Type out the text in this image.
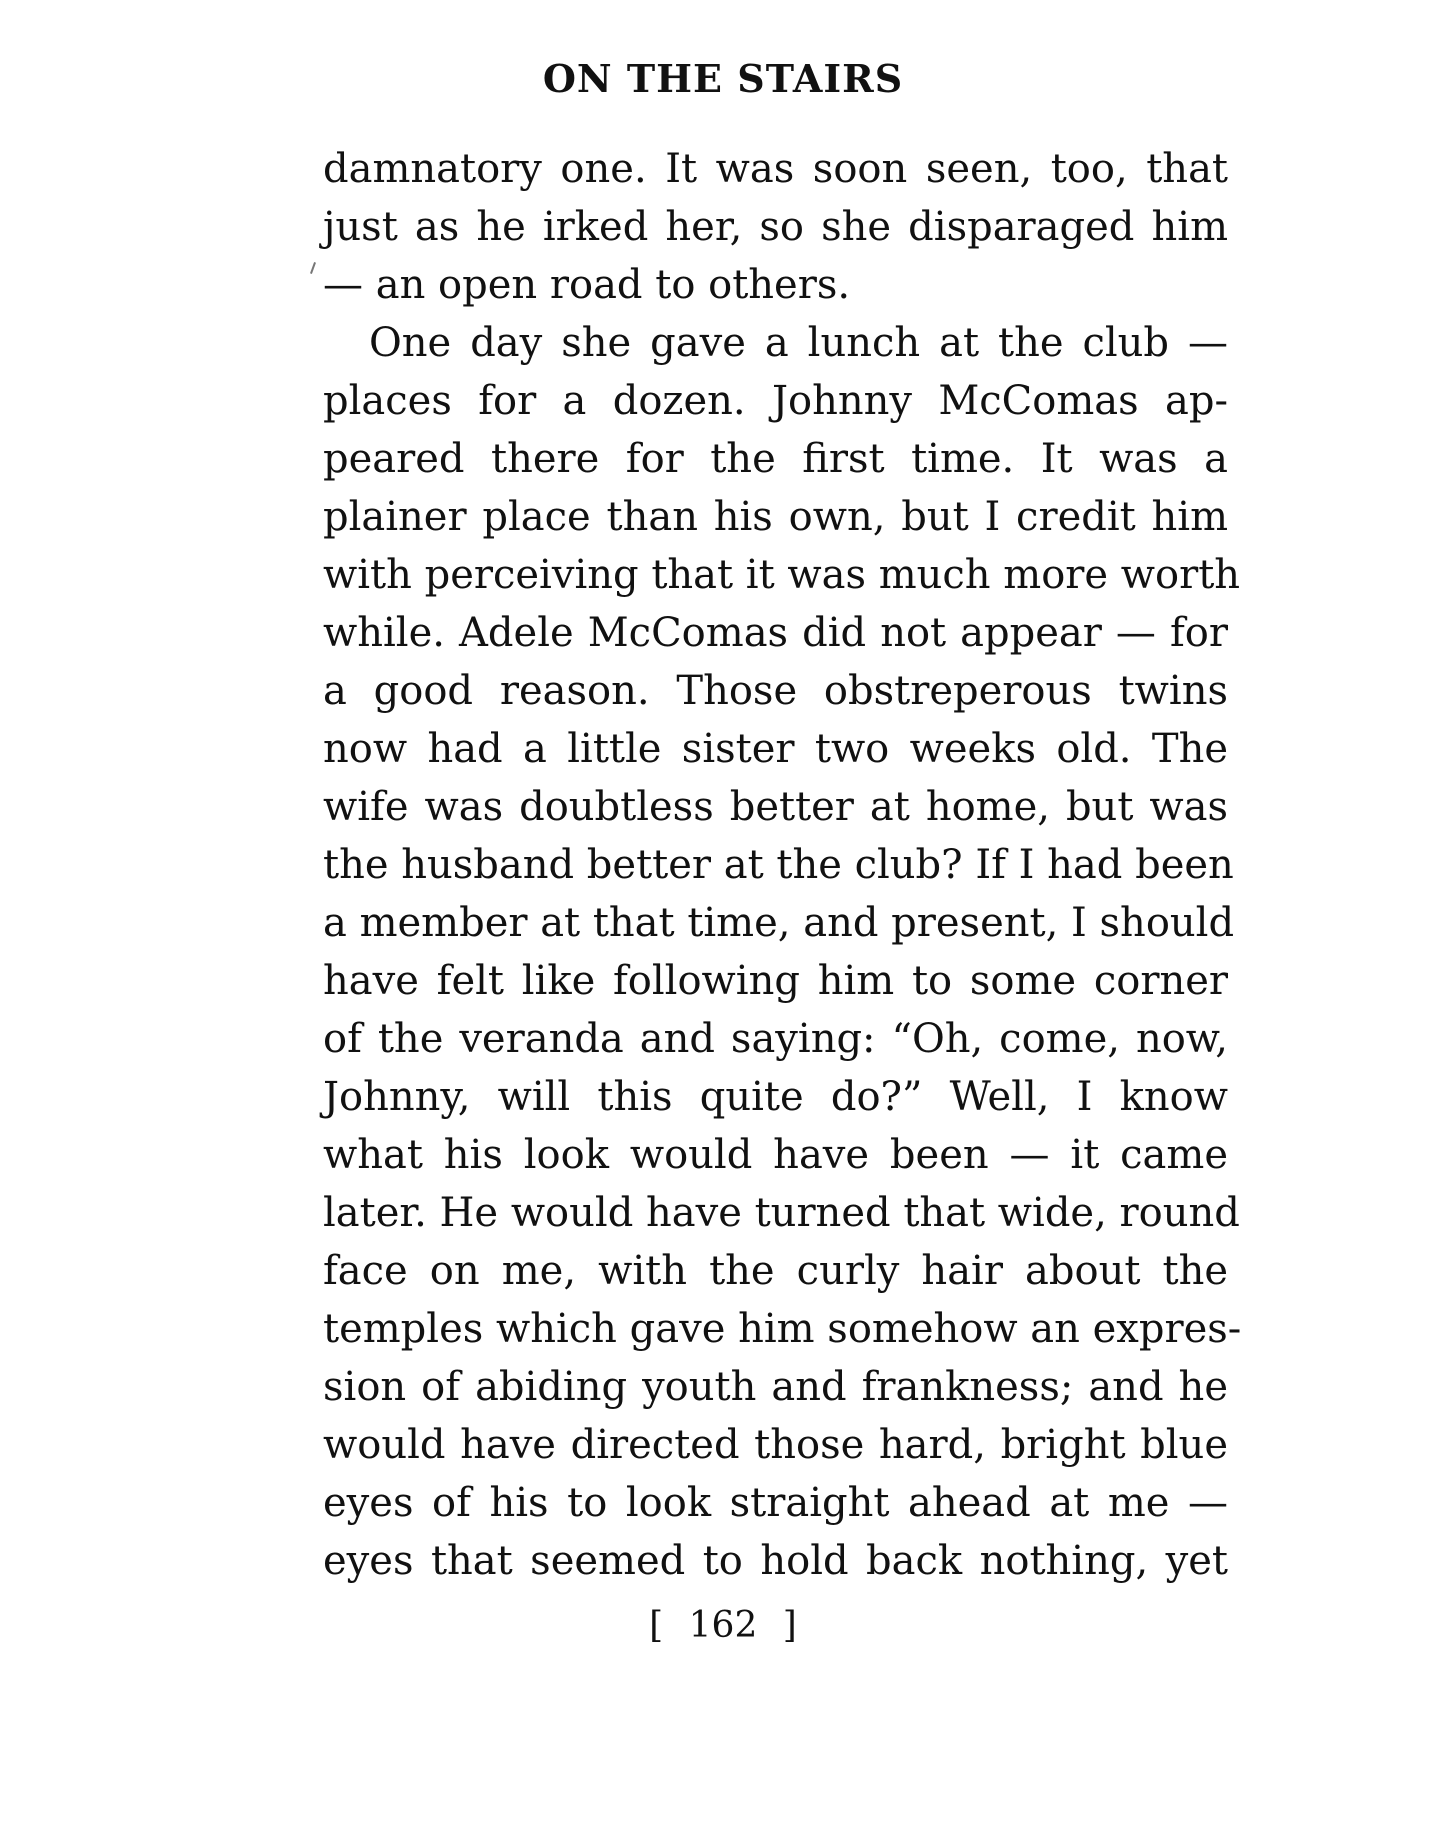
ON THE STAIRS
damnatory one. It was soon seen, too, that
just as he irked her, so she disparaged him
— an open road to others.
One day she gave a lunch at the club —
places for a dozen. Johnny McComas ap-
peared there for the first time. It was a
plainer place than his own, but I credit him
with perceiving that it was much more worth
while. Adele McComas did not appear — for
a good reason. Those obstreperous twins
now had a little sister two weeks old. The
wife was doubtless better at home, but was
the husband better at the club? If I had been
a member at that time, and present, I should
have felt like following him to some corner
of the veranda and saying: “Oh, come, now,
Johnny, will this quite do?” Well, I know
what his look would have been — it came
later. He would have turned that wide, round
face on me, with the curly hair about the
temples which gave him somehow an expres-
sion of abiding youth and frankness; and he
would have directed those hard, bright blue
eyes of his to look straight ahead at me —
eyes that seemed to hold back nothing, yet
[ 162 ]
